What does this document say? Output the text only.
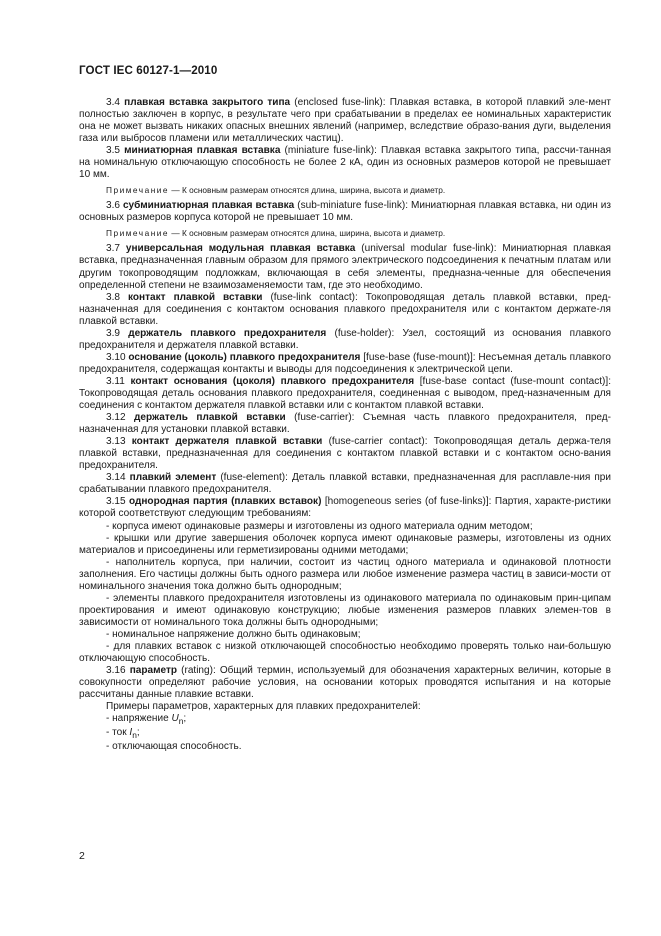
ГОСТ IEC 60127-1—2010

3.4 плавкая вставка закрытого типа (enclosed fuse-link): Плавкая вставка, в которой плавкий эле-мент полностью заключен в корпус, в результате чего при срабатывании в пределах ее номинальных характеристик она не может вызвать никаких опасных внешних явлений (например, вследствие образо-вания дуги, выделения газа или выбросов пламени или металлических частиц).

3.5 миниатюрная плавкая вставка (miniature fuse-link): Плавкая вставка закрытого типа, рассчи-танная на номинальную отключающую способность не более 2 кА, один из основных размеров которой не превышает 10 мм.

Примечание — К основным размерам относятся длина, ширина, высота и диаметр.

3.6 субминиатюрная плавкая вставка (sub-miniature fuse-link): Миниатюрная плавкая вставка, ни один из основных размеров корпуса которой не превышает 10 мм.

Примечание — К основным размерам относятся длина, ширина, высота и диаметр.

3.7 универсальная модульная плавкая вставка (universal modular fuse-link): Миниатюрная плавкая вставка, предназначенная главным образом для прямого электрического подсоединения к печатным платам или другим токопроводящим подложкам, включающая в себя элементы, предназна-ченные для обеспечения определенной степени не взаимозаменяемости там, где это необходимо.

3.8 контакт плавкой вставки (fuse-link contact): Токопроводящая деталь плавкой вставки, пред-назначенная для соединения с контактом основания плавкого предохранителя или с контактом держате-ля плавкой вставки.

3.9 держатель плавкого предохранителя (fuse-holder): Узел, состоящий из основания плавкого предохранителя и держателя плавкой вставки.

3.10 основание (цоколь) плавкого предохранителя [fuse-base (fuse-mount)]: Несъемная деталь плавкого предохранителя, содержащая контакты и выводы для подсоединения к электрической цепи.

3.11 контакт основания (цоколя) плавкого предохранителя [fuse-base contact (fuse-mount contact)]: Токопроводящая деталь основания плавкого предохранителя, соединенная с выводом, пред-назначенным для соединения с контактом держателя плавкой вставки или с контактом плавкой вставки.

3.12 держатель плавкой вставки (fuse-carrier): Съемная часть плавкого предохранителя, пред-назначенная для установки плавкой вставки.

3.13 контакт держателя плавкой вставки (fuse-carrier contact): Токопроводящая деталь держа-теля плавкой вставки, предназначенная для соединения с контактом плавкой вставки и с контактом осно-вания предохранителя.

3.14 плавкий элемент (fuse-element): Деталь плавкой вставки, предназначенная для расплавле-ния при срабатывании плавкого предохранителя.

3.15 однородная партия (плавких вставок) [homogeneous series (of fuse-links)]: Партия, характе-ристики которой соответствуют следующим требованиям:

- корпуса имеют одинаковые размеры и изготовлены из одного материала одним методом;

- крышки или другие завершения оболочек корпуса имеют одинаковые размеры, изготовлены из одних материалов и присоединены или герметизированы одними методами;

- наполнитель корпуса, при наличии, состоит из частиц одного материала и одинаковой плотности заполнения. Его частицы должны быть одного размера или любое изменение размера частиц в зависи-мости от номинального значения тока должно быть однородным;

- элементы плавкого предохранителя изготовлены из одинакового материала по одинаковым прин-ципам проектирования и имеют одинаковую конструкцию; любые изменения размеров плавких элемен-тов в зависимости от номинального тока должны быть однородными;

- номинальное напряжение должно быть одинаковым;

- для плавких вставок с низкой отключающей способностью необходимо проверять только наи-большую отключающую способность.

3.16 параметр (rating): Общий термин, используемый для обозначения характерных величин, которые в совокупности определяют рабочие условия, на основании которых проводятся испытания и на которые рассчитаны данные плавкие вставки.

Примеры параметров, характерных для плавких предохранителей:

- напряжение $U_n$;

- ток $I_n$;

- отключающая способность.

2
